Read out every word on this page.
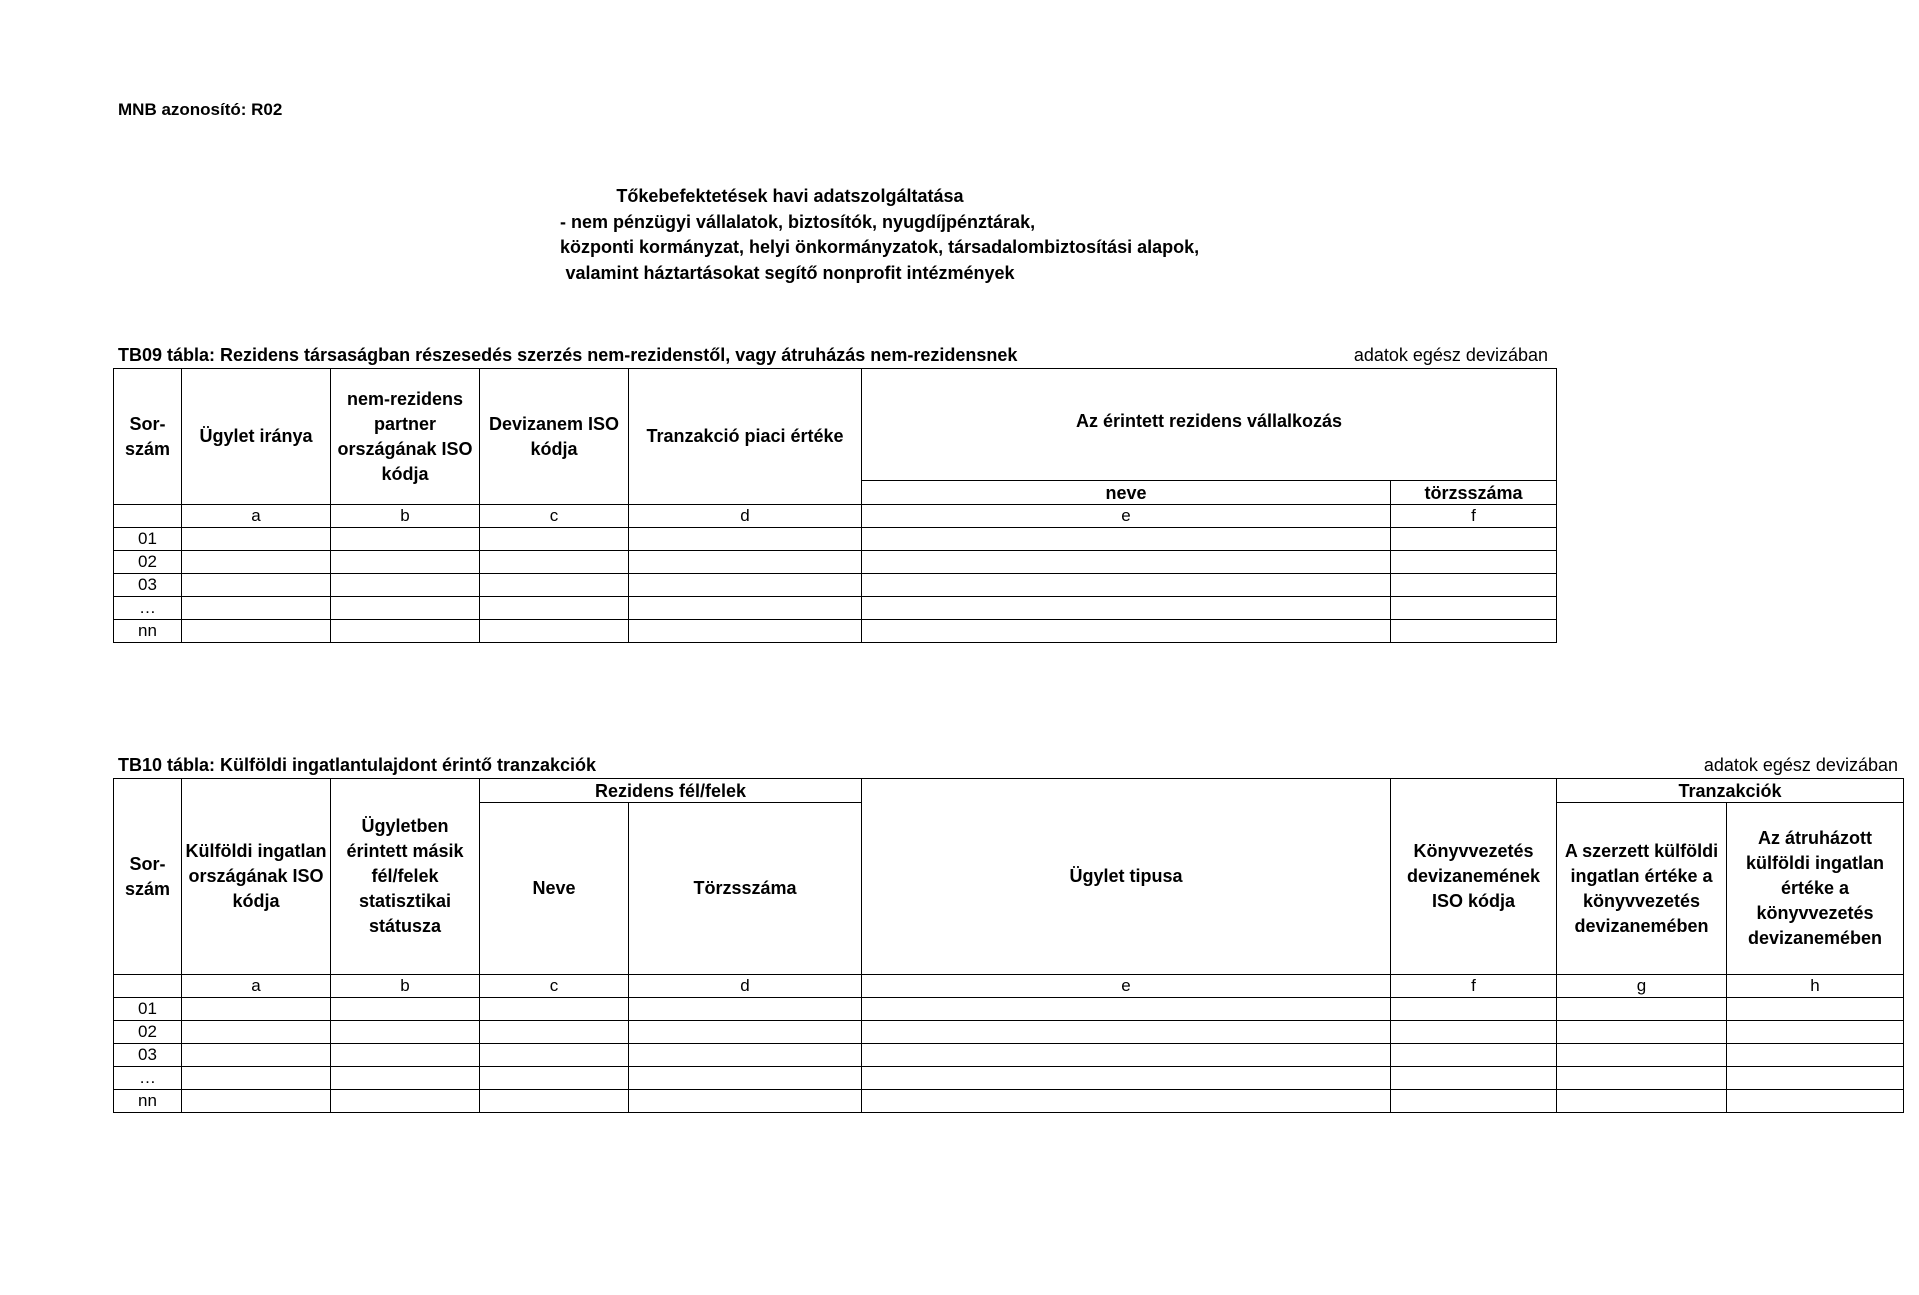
MNB azonosító: R02
Tőkebefektetések havi adatszolgáltatása
- nem pénzügyi vállalatok, biztosítók, nyugdíjpénztárak,
központi kormányzat, helyi önkormányzatok, társadalombiztosítási alapok,
valamint háztartásokat segítő nonprofit intézmények
TB09 tábla: Rezidens társaságban részesedés szerzés nem-rezidenstől, vagy átruházás nem-rezidensnek	adatok egész devizában
Sor-szám	Ügylet iránya	nem-rezidens partner országának ISO kódja	Devizanem ISO kódja	Tranzakció piaci értéke	Az érintett rezidens vállalkozás	
					neve	törzsszáma
	a	b	c	d	e	f
01						
02						
03						
…						
nn						
TB10 tábla: Külföldi ingatlantulajdont érintő tranzakciók	adatok egész devizában
Sor-szám	Külföldi ingatlan országának ISO kódja	Ügyletben érintett másik fél/felek statisztikai státusza	Rezidens fél/felek		Ügylet tipusa	Könyvvezetés devizanemének ISO kódja	Tranzakciók	
			Neve	Törzsszáma			A szerzett külföldi ingatlan értéke a könyvvezetés devizanemében	Az átruházott külföldi ingatlan értéke a könyvvezetés devizanemében
	a	b	c	d	e	f	g	h
01								
02								
03								
…								
nn								
